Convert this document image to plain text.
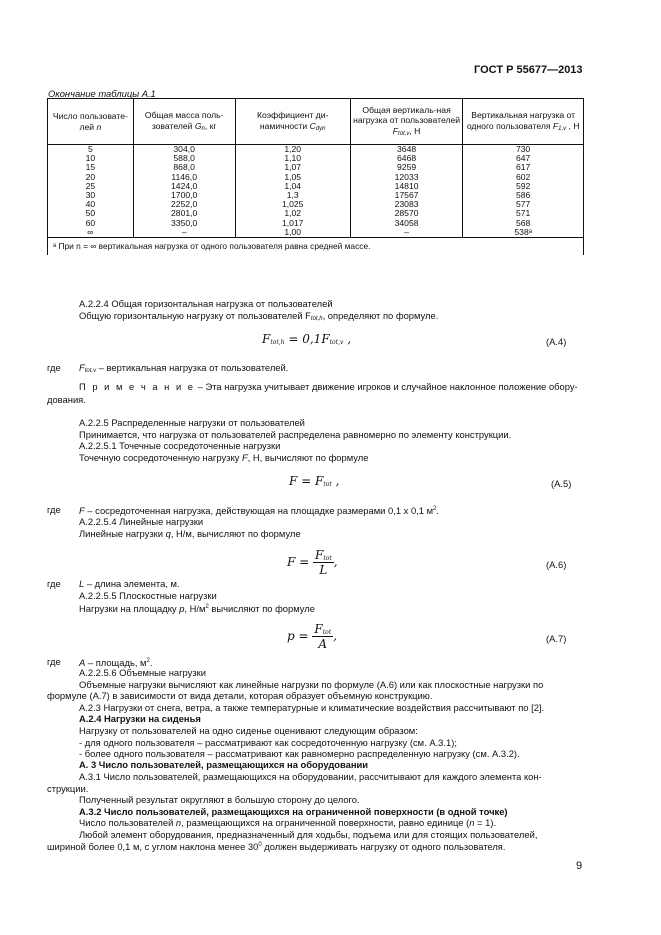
ГОСТ Р 55677—2013
Окончание таблицы А.1
Число пользовате-лей n	Общая масса поль-зователей Gn, кг	Коэффициент ди-намичности Cdyn	Общая вертикаль-ная нагрузка от пользователей Ftot,v, Н	Вертикальная нагрузка от одного пользователя F1,v , Н
5	304,0	1,20	3648	730
10	588,0	1,10	6468	647
15	868,0	1,07	9259	617
20	1146,0	1,05	12033	602
25	1424,0	1,04	14810	592
30	1700,0	1,3	17567	586
40	2252,0	1,025	23083	577
50	2801,0	1,02	28570	571
60	3350,0	1,017	34058	568
∞	–	1,00	–	538ᵃ
ᵃ При n = ∞ вертикальная нагрузка от одного пользователя равна средней массе.				
А.2.2.4 Общая горизонтальная нагрузка от пользователей
Общую горизонтальную нагрузку от пользователей Ftot,h, определяют по формуле.
Ftot,h = 0,1Ftot,v ,	(А.4)
где Ftot,v – вертикальная нагрузка от пользователей.
П р и м е ч а н и е – Эта нагрузка учитывает движение игроков и случайное наклонное положение обору-
дования.
А.2.2.5 Распределенные нагрузки от пользователей
Принимается, что нагрузка от пользователей распределена равномерно по элементу конструкции.
А.2.2.5.1 Точечные сосредоточенные нагрузки
Точечную сосредоточенную нагрузку F, Н, вычисляют по формуле
F = Ftot ,	(А.5)
где F – сосредоточенная нагрузка, действующая на площадке размерами 0,1 x 0,1 $м^2$.
А.2.2.5.4 Линейные нагрузки
Линейные нагрузки q, Н/м, вычисляют по формуле
$F = \frac{\text{Ftot}}{L}$ ,	(А.6)
где L – длина элемента, м.
А.2.2.5.5 Плоскостные нагрузки
Нагрузки на площадку p, $Н/м^2$ вычисляют по формуле
$p = \frac{\text{Ftot}}{A}$ ,	(А.7)
где A – площадь, $м^2$.
А.2.2.5.6 Объемные нагрузки
Объемные нагрузки вычисляют как линейные нагрузки по формуле (А.6) или как плоскостные нагрузки по
формуле (А.7) в зависимости от вида детали, которая образует объемную конструкцию.
А.2.3 Нагрузки от снега, ветра, а также температурные и климатические воздействия рассчитывают по [2].
А.2.4 Нагрузки на сиденья
Нагрузку от пользователей на одно сиденье оценивают следующим образом:
- для одного пользователя – рассматривают как сосредоточенную нагрузку (см. А.3.1);
- более одного пользователя – рассматривают как равномерно распределенную нагрузку (см. А.3.2).
А. 3 Число пользователей, размещающихся на оборудовании
А.3.1 Число пользователей, размещающихся на оборудовании, рассчитывают для каждого элемента кон-
струкции.
Полученный результат округляют в большую сторону до целого.
А.3.2 Число пользователей, размещающихся на ограниченной поверхности (в одной точке)
Число пользователей n, размещающихся на ограниченной поверхности, равно единице (n = 1).
Любой элемент оборудования, предназначенный для ходьбы, подъема или для стоящих пользователей,
шириной более 0,1 м, с углом наклона менее $30^0$ должен выдерживать нагрузку от одного пользователя.
9
